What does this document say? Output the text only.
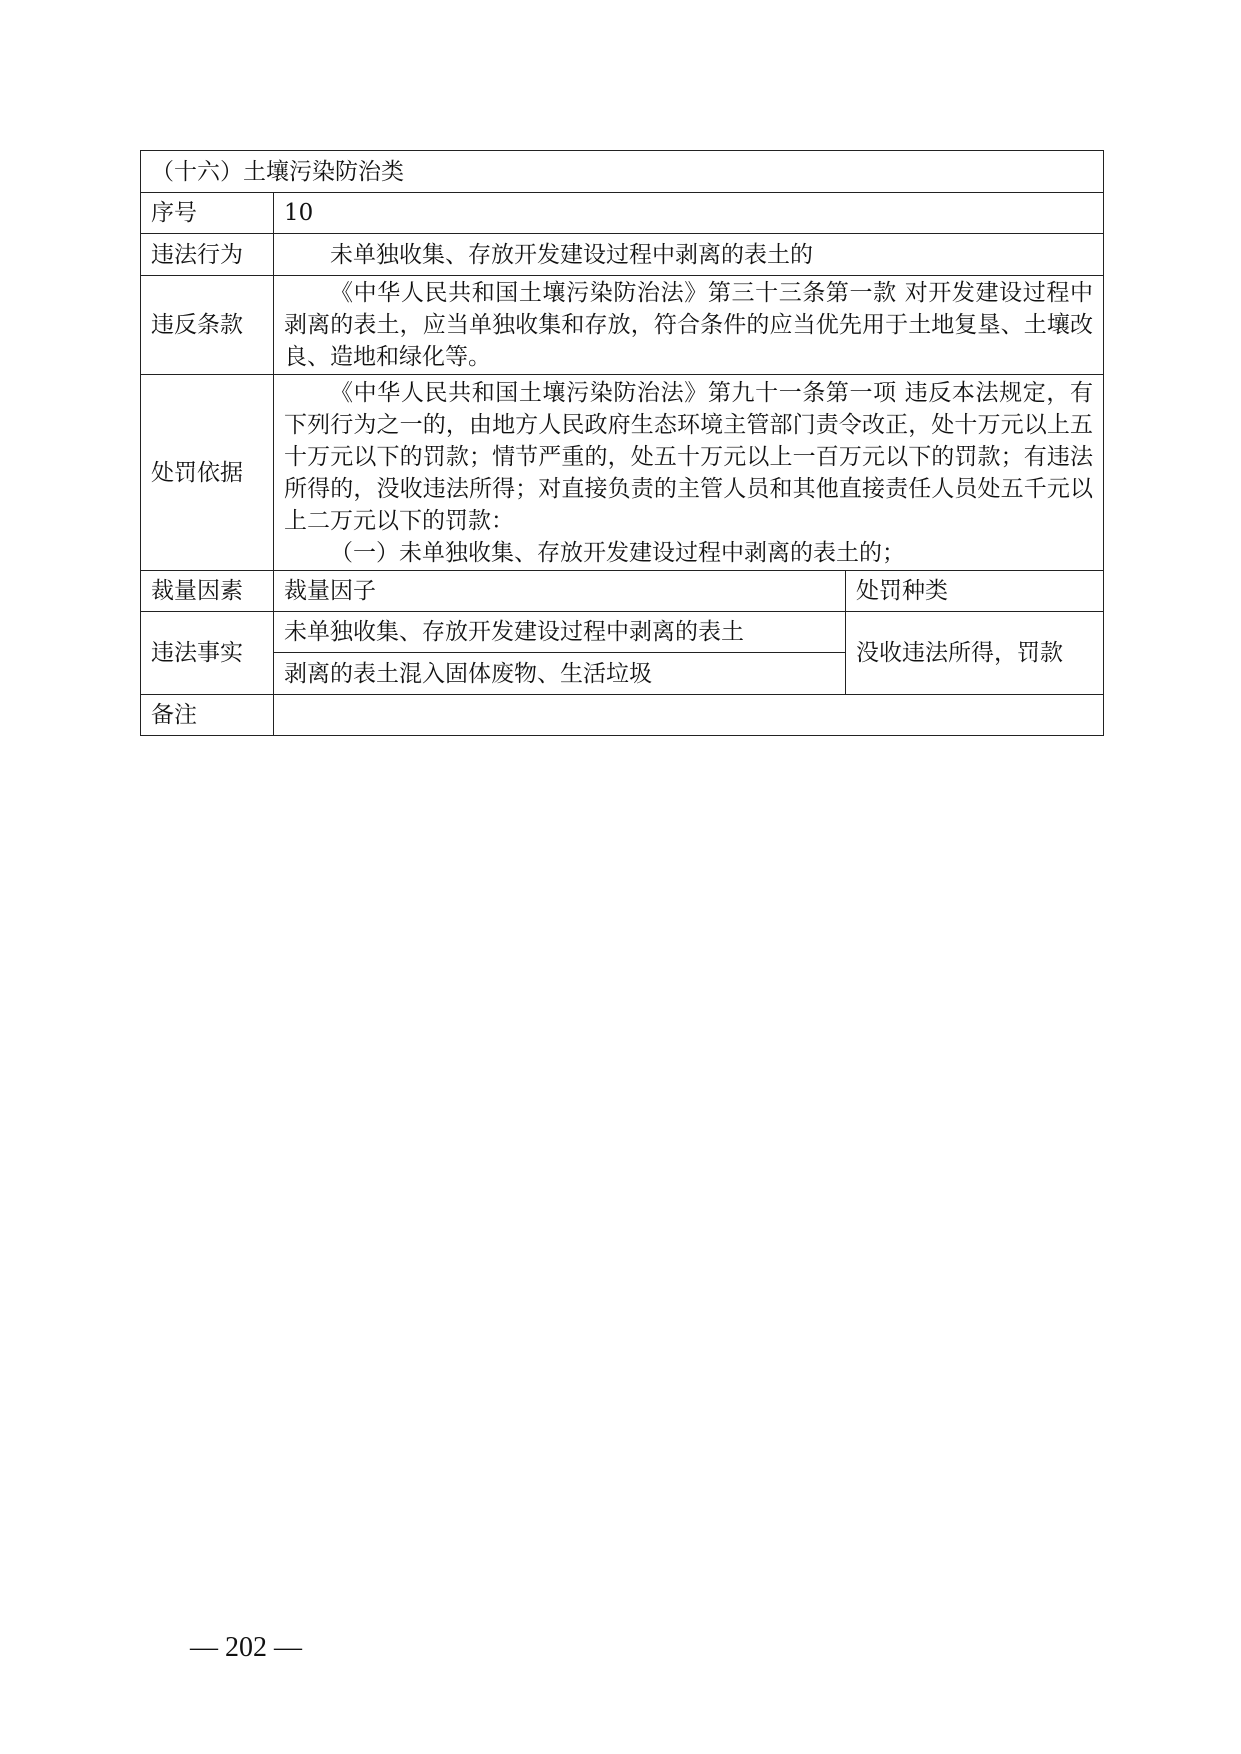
（十六）土壤污染防治类		
序号	10	
违法行为	未单独收集、存放开发建设过程中剥离的表土的	
违反条款	《中华人民共和国土壤污染防治法》第三十三条第一款 对开发建设过程中剥离的表土，应当单独收集和存放，符合条件的应当优先用于土地复垦、土壤改良、造地和绿化等。	
处罚依据	《中华人民共和国土壤污染防治法》第九十一条第一项 违反本法规定，有下列行为之一的，由地方人民政府生态环境主管部门责令改正，处十万元以上五十万元以下的罚款；情节严重的，处五十万元以上一百万元以下的罚款；有违法所得的，没收违法所得；对直接负责的主管人员和其他直接责任人员处五千元以上二万元以下的罚款：

（一）未单独收集、存放开发建设过程中剥离的表土的；	

裁量因素	裁量因子	处罚种类
违法事实	未单独收集、存放开发建设过程中剥离的表土	没收违法所得，罚款
	剥离的表土混入固体废物、生活垃圾	
备注		
— 202 —
